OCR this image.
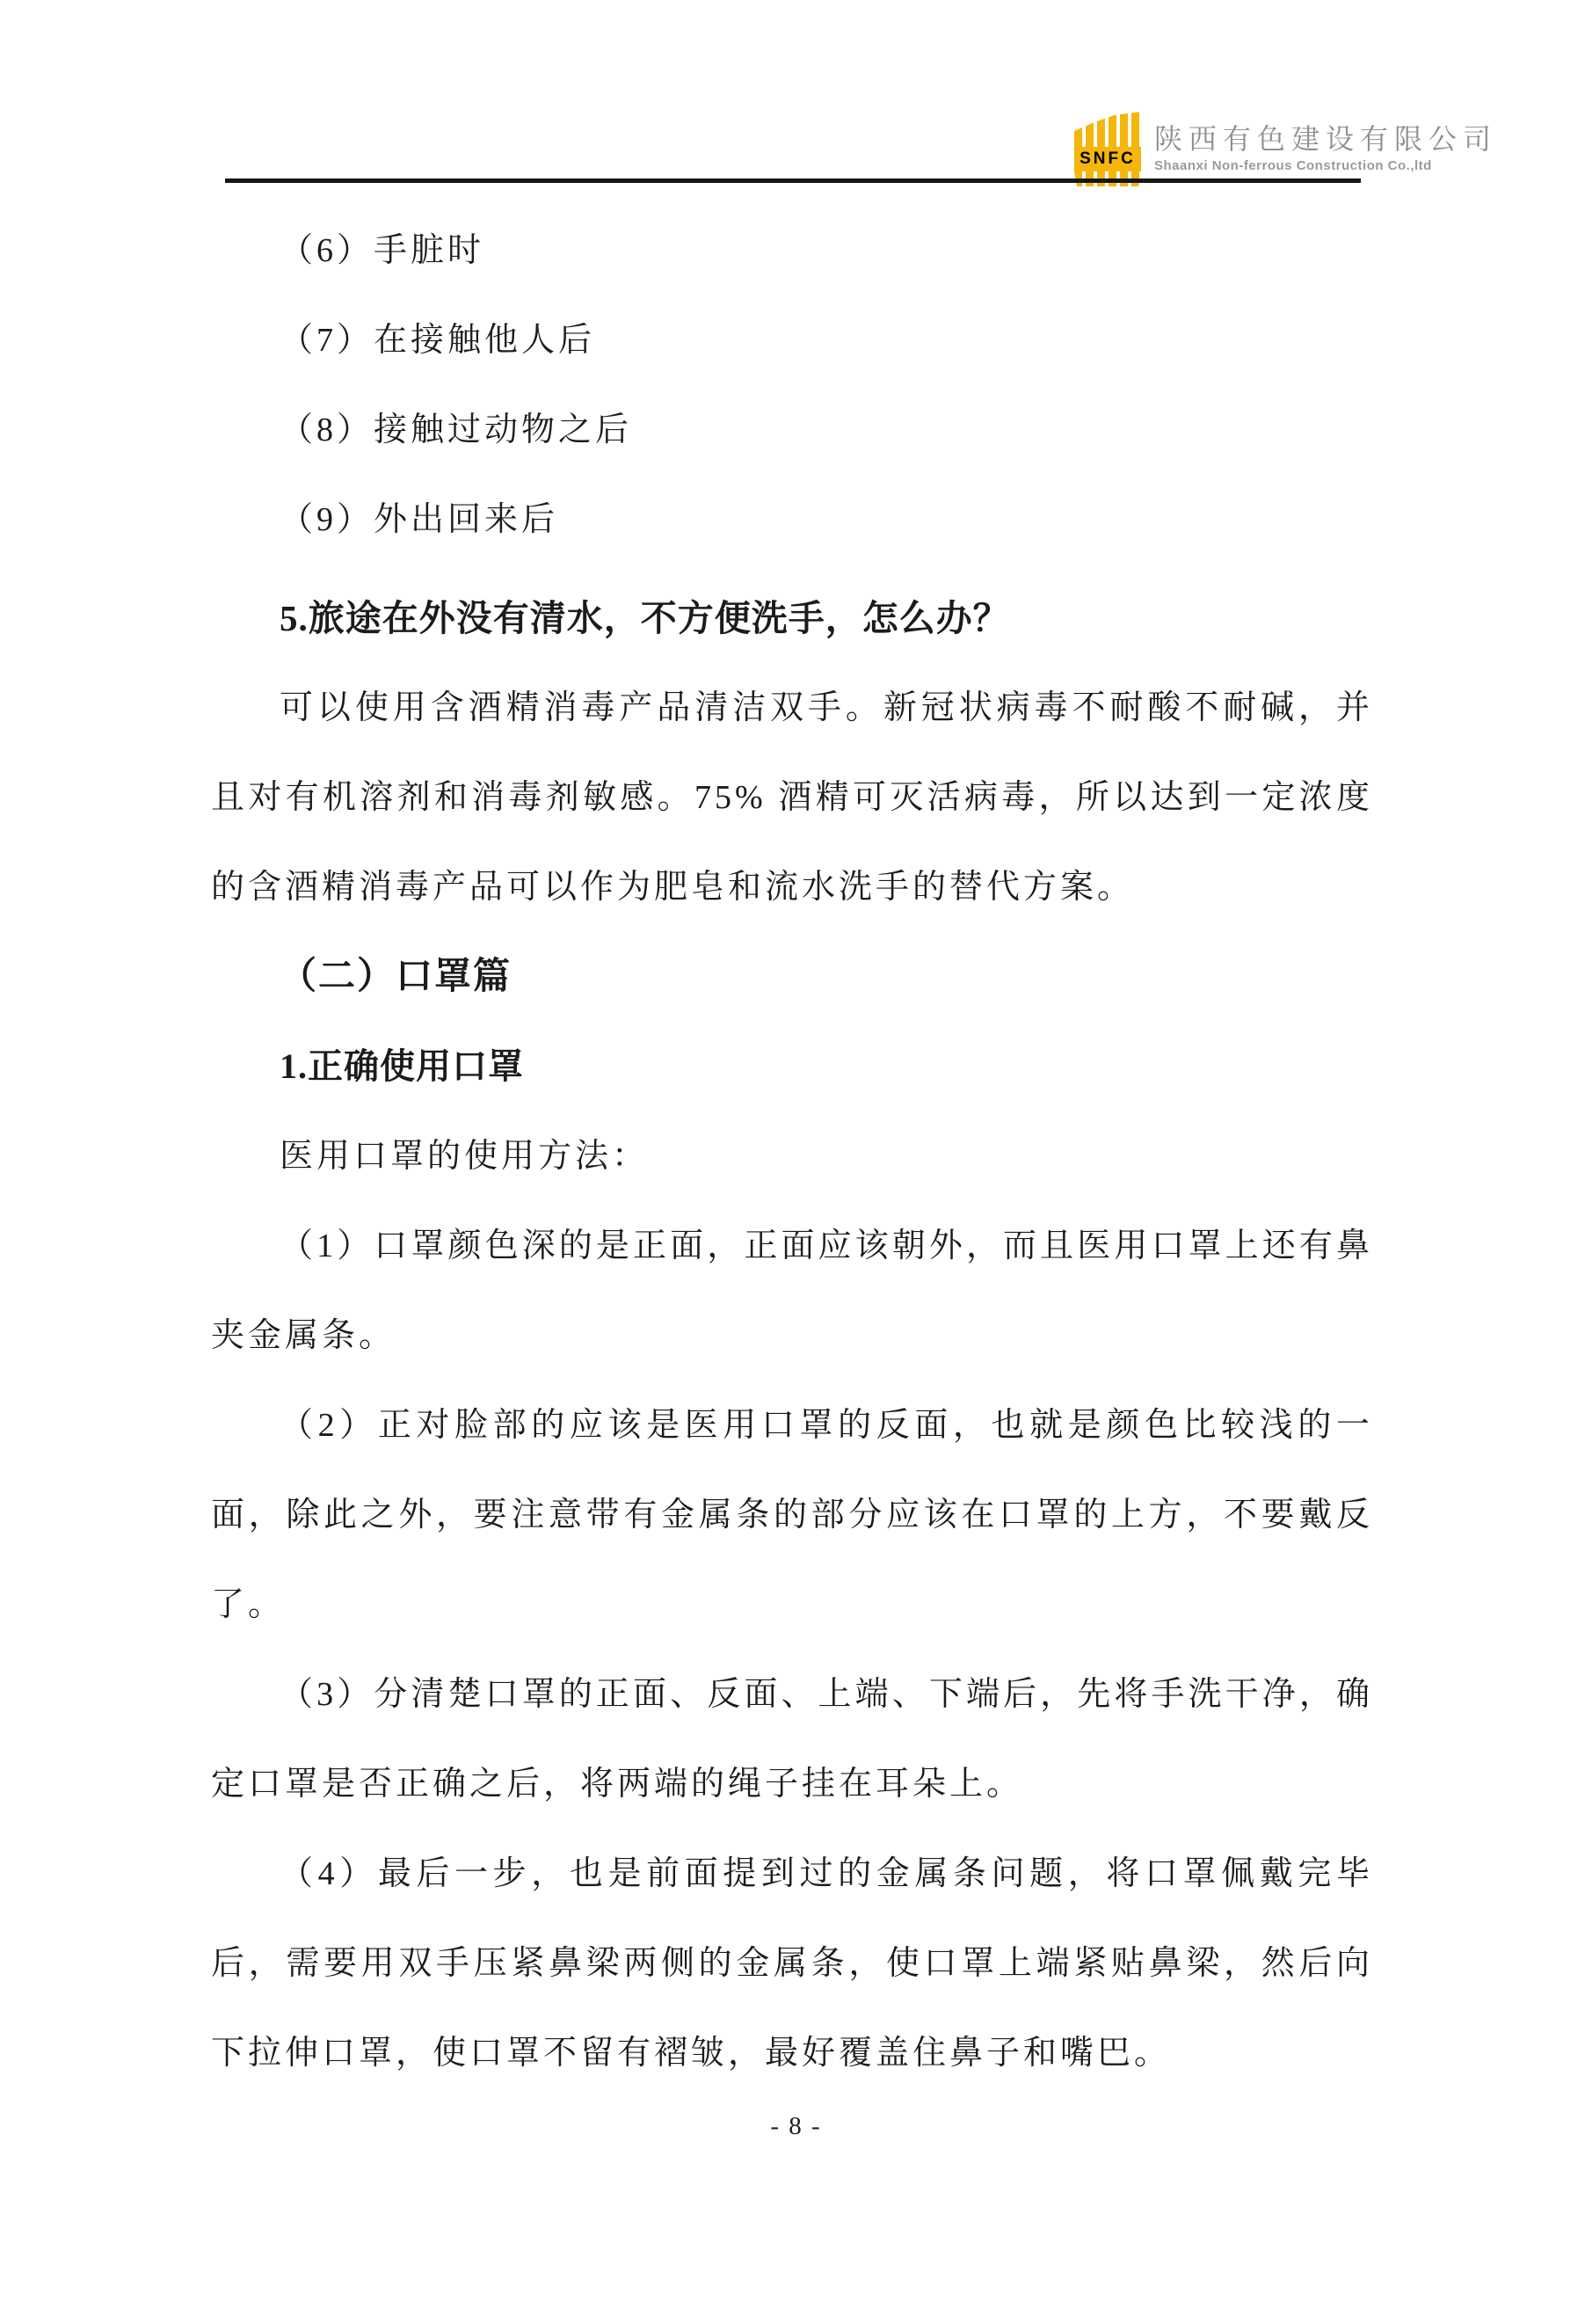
SNFC
陕西有色建设有限公司
Shaanxi Non-ferrous Construction Co.,ltd

（6）手脏时

（7）在接触他人后

（8）接触过动物之后

（9）外出回来后

5.旅途在外没有清水，不方便洗手，怎么办？

可以使用含酒精消毒产品清洁双手。新冠状病毒不耐酸不耐碱，并且对有机溶剂和消毒剂敏感。75% 酒精可灭活病毒，所以达到一定浓度的含酒精消毒产品可以作为肥皂和流水洗手的替代方案。

（二）口罩篇

1.正确使用口罩

医用口罩的使用方法：

（1）口罩颜色深的是正面，正面应该朝外，而且医用口罩上还有鼻夹金属条。

（2）正对脸部的应该是医用口罩的反面，也就是颜色比较浅的一面，除此之外，要注意带有金属条的部分应该在口罩的上方，不要戴反了。

（3）分清楚口罩的正面、反面、上端、下端后，先将手洗干净，确定口罩是否正确之后，将两端的绳子挂在耳朵上。

（4）最后一步，也是前面提到过的金属条问题，将口罩佩戴完毕后，需要用双手压紧鼻梁两侧的金属条，使口罩上端紧贴鼻梁，然后向下拉伸口罩，使口罩不留有褶皱，最好覆盖住鼻子和嘴巴。

- 8 -
